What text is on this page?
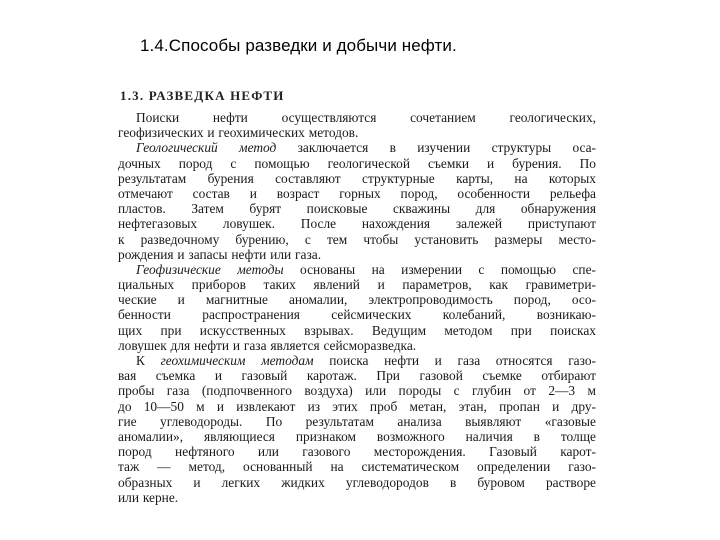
1.4.Способы разведки и добычи нефти.
1.3. РАЗВЕДКА НЕФТИ
Поиски нефти осуществляются сочетанием геологических,
геофизических и геохимических методов.
Геологический метод заключается в изучении структуры оса-
дочных пород с помощью геологической съемки и бурения. По
результатам бурения составляют структурные карты, на которых
отмечают состав и возраст горных пород, особенности рельефа
пластов. Затем бурят поисковые скважины для обнаружения
нефтегазовых ловушек. После нахождения залежей приступают
к разведочному бурению, с тем чтобы установить размеры место-
рождения и запасы нефти или газа.
Геофизические методы основаны на измерении с помощью спе-
циальных приборов таких явлений и параметров, как гравиметри-
ческие и магнитные аномалии, электропроводимость пород, осо-
бенности распространения сейсмических колебаний, возникаю-
щих при искусственных взрывах. Ведущим методом при поисках
ловушек для нефти и газа является сейсморазведка.
К геохимическим методам поиска нефти и газа относятся газо-
вая съемка и газовый каротаж. При газовой съемке отбирают
пробы газа (подпочвенного воздуха) или породы с глубин от 2—3 м
до 10—50 м и извлекают из этих проб метан, этан, пропан и дру-
гие углеводороды. По результатам анализа выявляют «газовые
аномалии», являющиеся признаком возможного наличия в толще
пород нефтяного или газового месторождения. Газовый карот-
таж — метод, основанный на систематическом определении газо-
образных и легких жидких углеводородов в буровом растворе
или керне.
